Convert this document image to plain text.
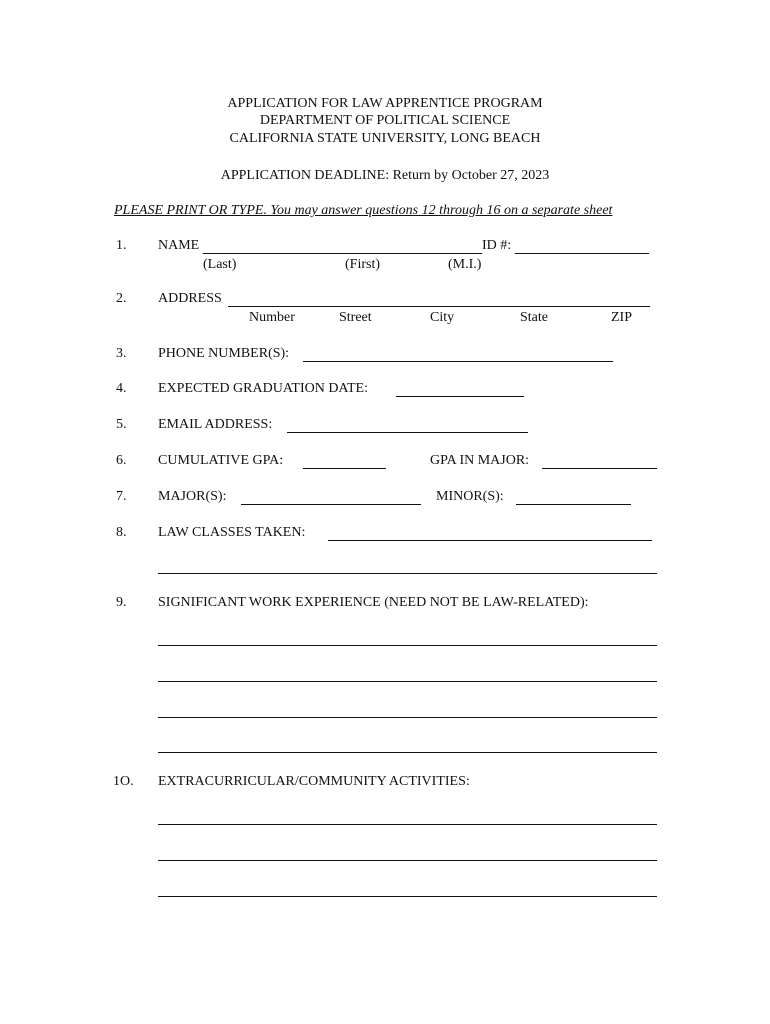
APPLICATION FOR LAW APPRENTICE PROGRAM
DEPARTMENT OF POLITICAL SCIENCE
CALIFORNIA STATE UNIVERSITY, LONG BEACH
APPLICATION DEADLINE: Return by October 27, 2023
PLEASE PRINT OR TYPE. You may answer questions 12 through 16 on a separate sheet
1. NAME	ID #:
(Last)	(First)	(M.I.)
2. ADDRESS
Number	Street	City	State	ZIP
3. PHONE NUMBER(S):
4. EXPECTED GRADUATION DATE:
5. EMAIL ADDRESS:
6. CUMULATIVE GPA:	GPA IN MAJOR:
7. MAJOR(S):	MINOR(S):
8. LAW CLASSES TAKEN:
9. SIGNIFICANT WORK EXPERIENCE (NEED NOT BE LAW-RELATED):
1O. EXTRACURRICULAR/COMMUNITY ACTIVITIES:
